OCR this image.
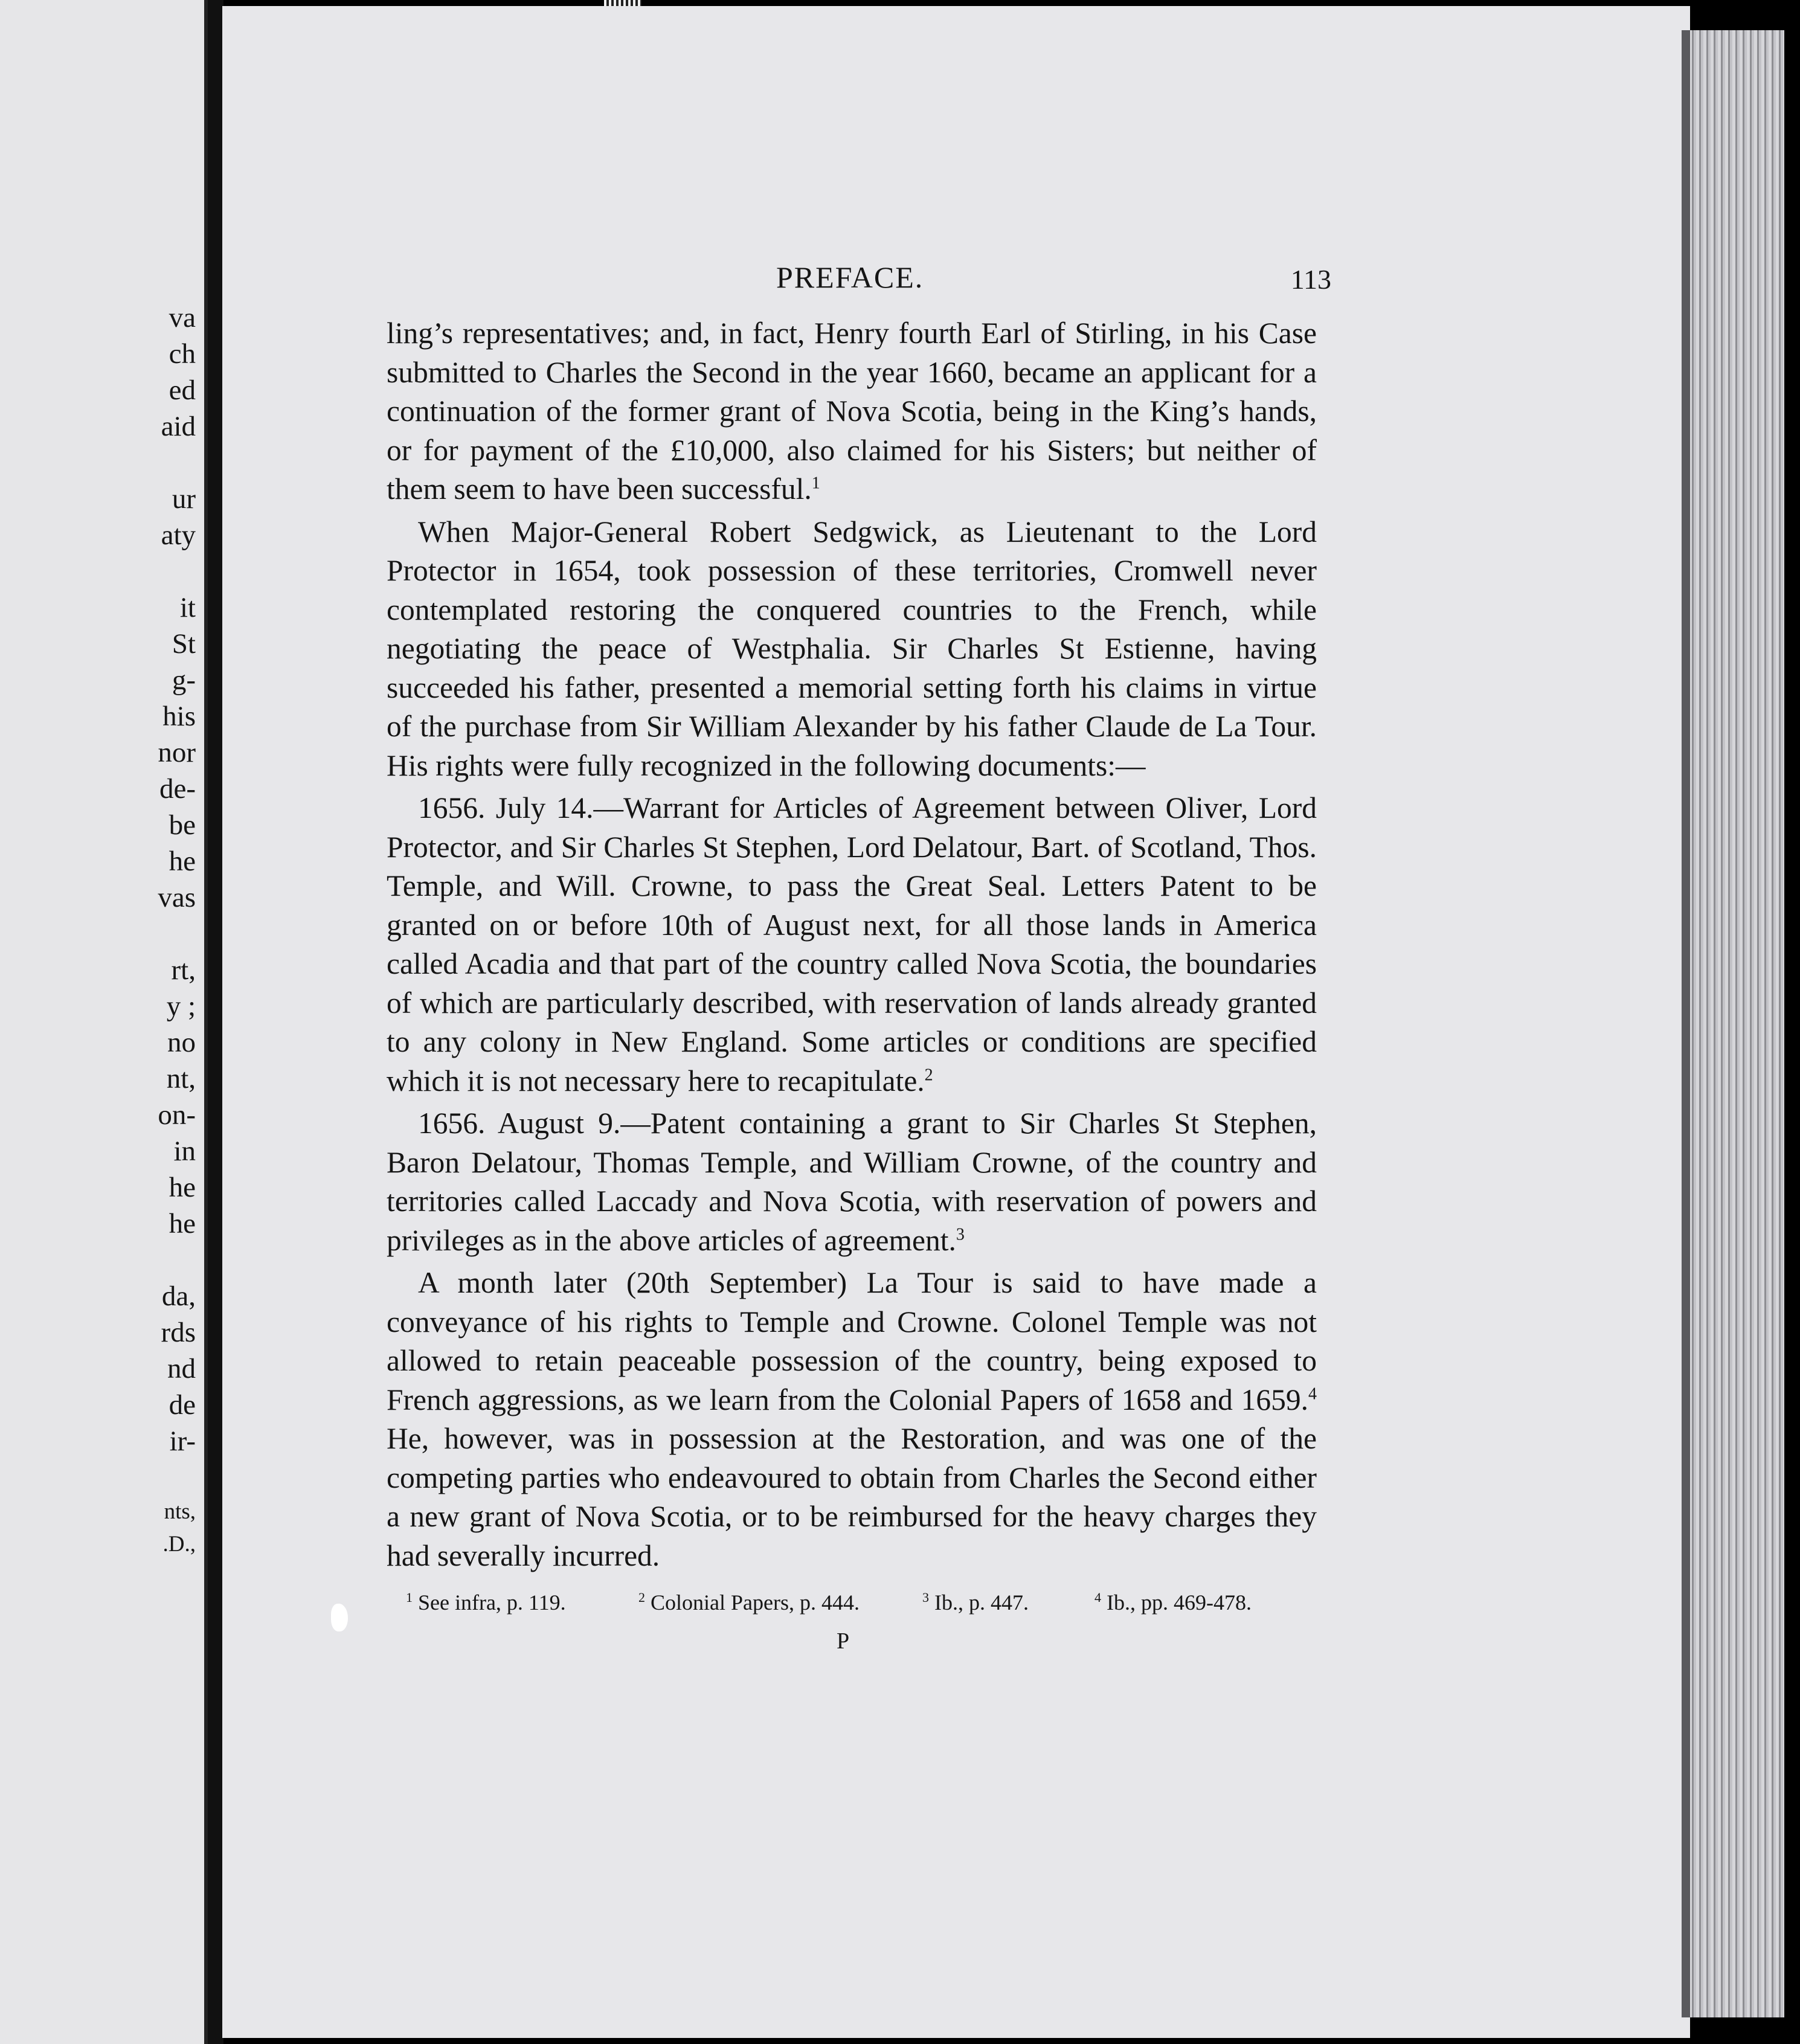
va
ch
ed
aid
ur
aty
it
St
g-
his
nor
de-
be
he
vas
rt,
y ;
no
nt,
on-
in
he
he
da,
rds
nd
de
ir-
nts,
.D.,
PREFACE.	113

ling’s representatives; and, in fact, Henry fourth Earl of Stirling, in his Case submitted to Charles the Second in the year 1660, became an applicant for a continuation of the former grant of Nova Scotia, being in the King’s hands, or for payment of the £10,000, also claimed for his Sisters; but neither of them seem to have been successful.$^1$

When Major-General Robert Sedgwick, as Lieutenant to the Lord Protector in 1654, took possession of these territories, Cromwell never contemplated restoring the conquered countries to the French, while negotiating the peace of Westphalia. Sir Charles St Estienne, having succeeded his father, presented a memorial setting forth his claims in virtue of the purchase from Sir William Alexander by his father Claude de La Tour. His rights were fully recognized in the following documents:—

1656. July 14.—Warrant for Articles of Agreement between Oliver, Lord Protector, and Sir Charles St Stephen, Lord Delatour, Bart. of Scotland, Thos. Temple, and Will. Crowne, to pass the Great Seal. Letters Patent to be granted on or before 10th of August next, for all those lands in America called Acadia and that part of the country called Nova Scotia, the boundaries of which are particularly described, with reservation of lands already granted to any colony in New England. Some articles or conditions are specified which it is not necessary here to recapitulate.$^2$

1656. August 9.—Patent containing a grant to Sir Charles St Stephen, Baron Delatour, Thomas Temple, and William Crowne, of the country and territories called Laccady and Nova Scotia, with reservation of powers and privileges as in the above articles of agreement.$^3$

A month later (20th September) La Tour is said to have made a conveyance of his rights to Temple and Crowne. Colonel Temple was not allowed to retain peaceable possession of the country, being exposed to French aggressions, as we learn from the Colonial Papers of 1658 and 1659.$^4$ He, however, was in possession at the Restoration, and was one of the competing parties who endeavoured to obtain from Charles the Second either a new grant of Nova Scotia, or to be reimbursed for the heavy charges they had severally incurred.

$^1$ See infra, p. 119.	$^2$ Colonial Papers, p. 444.	$^3$ Ib., p. 447.	$^4$ Ib., pp. 469-478.
P
